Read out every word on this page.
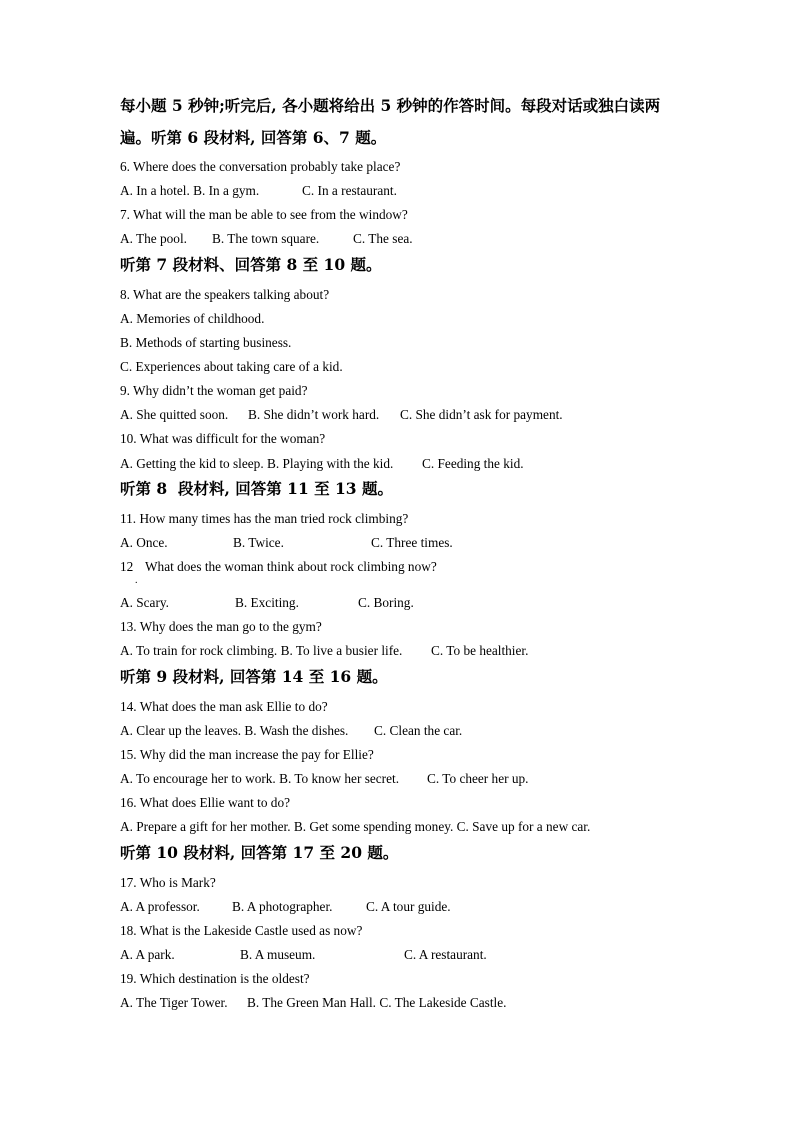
每小题 5 秒钟;听完后, 各小题将给出 5 秒钟的作答时间。每段对话或独白读两
遍。听第 6 段材料, 回答第 6、7 题。
6. Where does the conversation probably take place?
A. In a hotel. B. In a gym.	C. In a restaurant.
7. What will the man be able to see from the window?
A. The pool. B. The town square.	C. The sea.
听第 7 段材料、回答第 8 至 10 题。
8. What are the speakers talking about?
A. Memories of childhood.
B. Methods of starting business.
C. Experiences about taking care of a kid.
9. Why didn’t the woman get paid?
A. She quitted soon. B. She didn’t work hard. C. She didn’t ask for payment.
10. What was difficult for the woman?
A. Getting the kid to sleep. B. Playing with the kid. C. Feeding the kid.
听第 8  段材料, 回答第 11 至 13 题。
11. How many times has the man tried rock climbing?
A. Once.	B. Twice.	C. Three times.
12 What does the woman think about rock climbing now?
.
A. Scary.	B. Exciting.	C. Boring.
13. Why does the man go to the gym?
A. To train for rock climbing. B. To live a busier life. C. To be healthier.
听第 9 段材料, 回答第 14 至 16 题。
14. What does the man ask Ellie to do?
A. Clear up the leaves. B. Wash the dishes. C. Clean the car.
15. Why did the man increase the pay for Ellie?
A. To encourage her to work. B. To know her secret. C. To cheer her up.
16. What does Ellie want to do?
A. Prepare a gift for her mother. B. Get some spending money. C. Save up for a new car.
听第 10 段材料, 回答第 17 至 20 题。
17. Who is Mark?
A. A professor. B. A photographer.	C. A tour guide.
18. What is the Lakeside Castle used as now?
A. A park.	B. A museum.	C. A restaurant.
19. Which destination is the oldest?
A. The Tiger Tower. B. The Green Man Hall. C. The Lakeside Castle.
